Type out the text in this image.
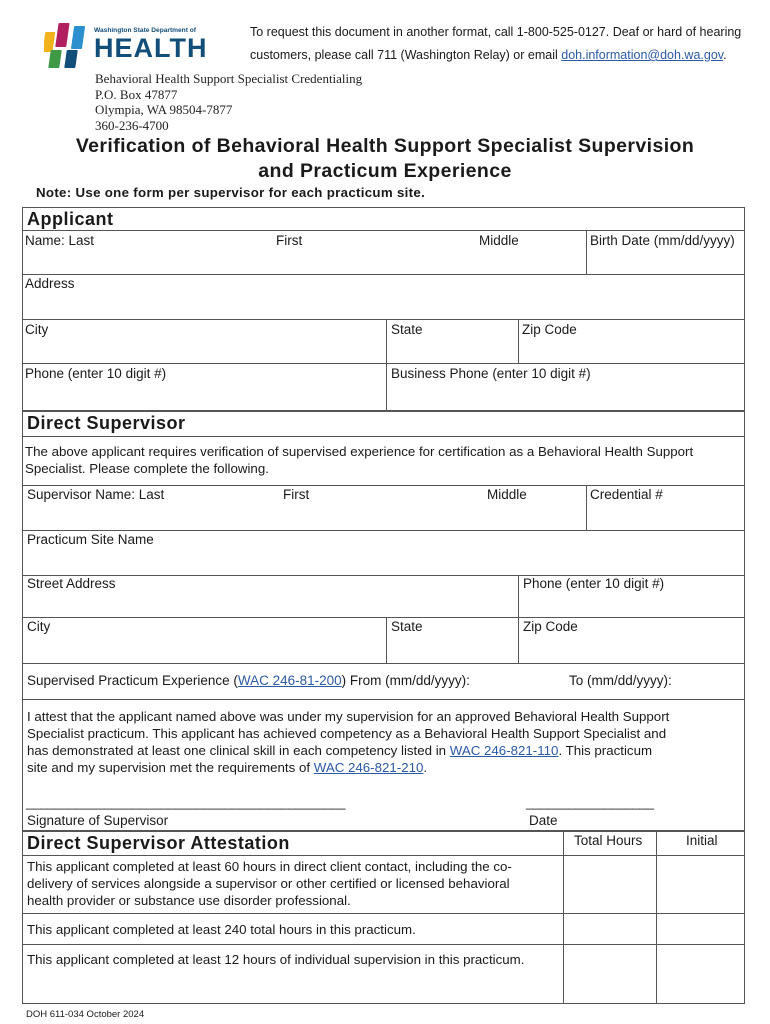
Washington State Department of
HEALTH
To request this document in another format, call 1-800-525-0127. Deaf or hard of hearing
customers, please call 711 (Washington Relay) or email doh.information@doh.wa.gov.
Behavioral Health Support Specialist Credentialing
P.O. Box 47877
Olympia, WA 98504-7877
360-236-4700
Verification of Behavioral Health Support Specialist Supervision
and Practicum Experience
Note: Use one form per supervisor for each practicum site.
Applicant
Name: Last	First	Middle	Birth Date (mm/dd/yyyy)
Address
City	State	Zip Code
Phone (enter 10 digit #)	Business Phone (enter 10 digit #)
Direct Supervisor
The above applicant requires verification of supervised experience for certification as a Behavioral Health Support
Specialist. Please complete the following.
Supervisor Name: Last	First	Middle	Credential #
Practicum Site Name
Street Address	Phone (enter 10 digit #)
City	State	Zip Code
Supervised Practicum Experience (WAC 246-81-200) From (mm/dd/yyyy):	To (mm/dd/yyyy):
I attest that the applicant named above was under my supervision for an approved Behavioral Health Support
Specialist practicum. This applicant has achieved competency as a Behavioral Health Support Specialist and
has demonstrated at least one clinical skill in each competency listed in WAC 246-821-110. This practicum
site and my supervision met the requirements of WAC 246-821-210.
_____________________________________________	__________________
Signature of Supervisor	Date
Direct Supervisor Attestation	Total Hours	Initial
This applicant completed at least 60 hours in direct client contact, including the co-
delivery of services alongside a supervisor or other certified or licensed behavioral
health provider or substance use disorder professional.
This applicant completed at least 240 total hours in this practicum.
This applicant completed at least 12 hours of individual supervision in this practicum.
DOH 611-034 October 2024
